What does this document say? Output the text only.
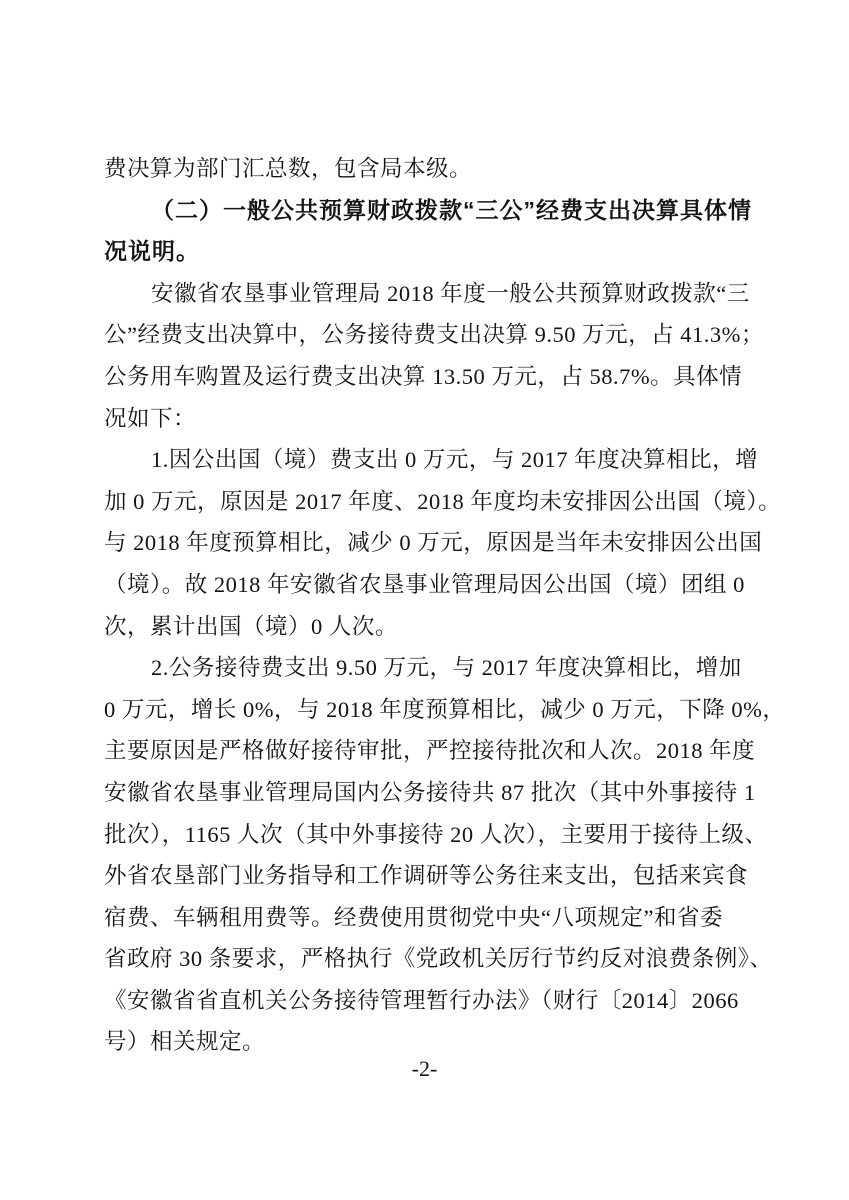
费决算为部门汇总数，包含局本级。
（二）一般公共预算财政拨款“三公”经费支出决算具体情
况说明。
安徽省农垦事业管理局 2018 年度一般公共预算财政拨款“三
公”经费支出决算中，公务接待费支出决算 9.50 万元，占 41.3%；
公务用车购置及运行费支出决算 13.50 万元，占 58.7%。具体情
况如下：
1.因公出国（境）费支出 0 万元，与 2017 年度决算相比，增
加 0 万元，原因是 2017 年度、2018 年度均未安排因公出国（境）。
与 2018 年度预算相比，减少 0 万元，原因是当年未安排因公出国
（境）。故 2018 年安徽省农垦事业管理局因公出国（境）团组 0
次，累计出国（境）0 人次。
2.公务接待费支出 9.50 万元，与 2017 年度决算相比，增加
0 万元，增长 0%，与 2018 年度预算相比，减少 0 万元，下降 0%，
主要原因是严格做好接待审批，严控接待批次和人次。2018 年度
安徽省农垦事业管理局国内公务接待共 87 批次（其中外事接待 1
批次），1165 人次（其中外事接待 20 人次），主要用于接待上级、
外省农垦部门业务指导和工作调研等公务往来支出，包括来宾食
宿费、车辆租用费等。经费使用贯彻党中央“八项规定”和省委
省政府 30 条要求，严格执行《党政机关厉行节约反对浪费条例》、
《安徽省省直机关公务接待管理暂行办法》（财行〔2014〕2066
号）相关规定。
-2-
